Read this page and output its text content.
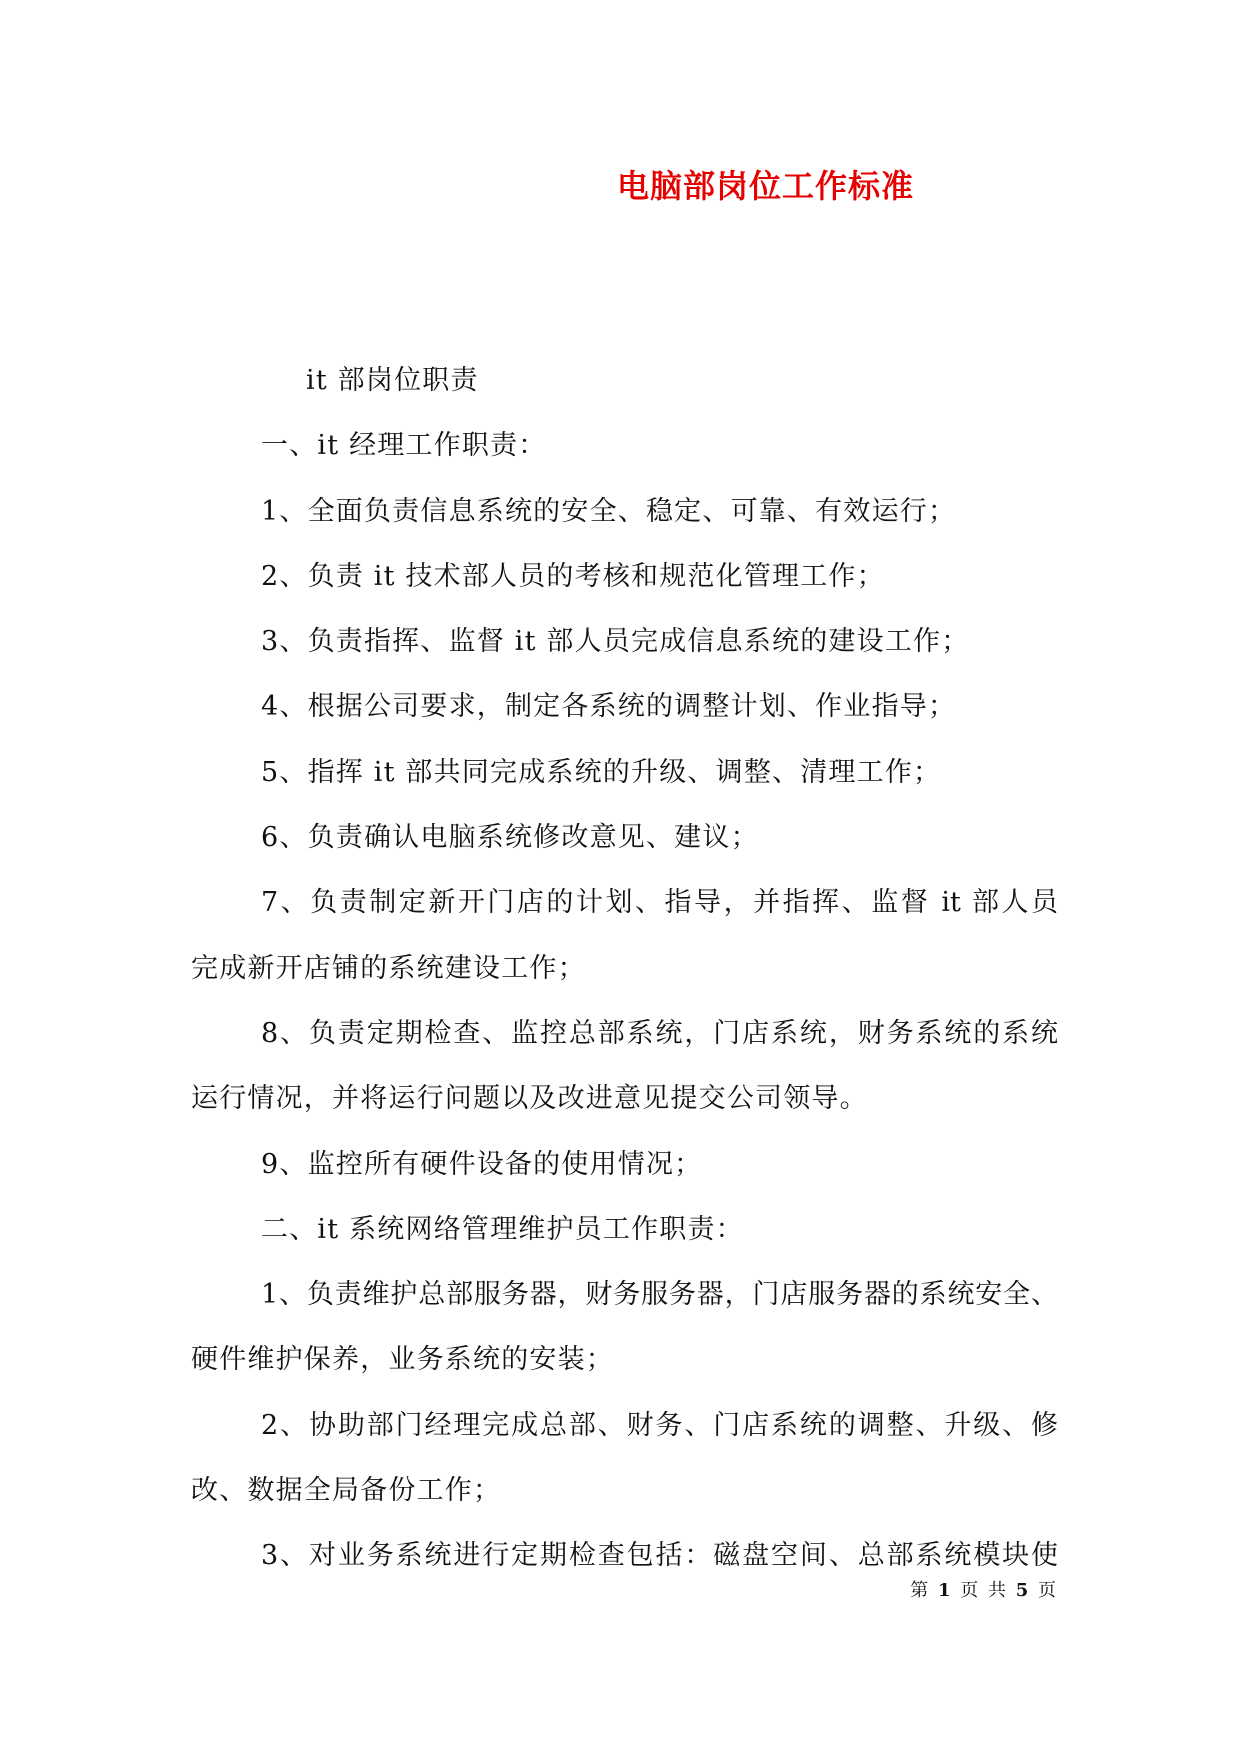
电脑部岗位工作标准
it 部岗位职责
一、it 经理工作职责：
1、全面负责信息系统的安全、稳定、可靠、有效运行；
2、负责 it 技术部人员的考核和规范化管理工作；
3、负责指挥、监督 it 部人员完成信息系统的建设工作；
4、根据公司要求，制定各系统的调整计划、作业指导；
5、指挥 it 部共同完成系统的升级、调整、清理工作；
6、负责确认电脑系统修改意见、建议；
7、负责制定新开门店的计划、指导，并指挥、监督 it 部人员
完成新开店铺的系统建设工作；
8、负责定期检查、监控总部系统，门店系统，财务系统的系统
运行情况，并将运行问题以及改进意见提交公司领导。
9、监控所有硬件设备的使用情况；
二、it 系统网络管理维护员工作职责：
1、负责维护总部服务器，财务服务器，门店服务器的系统安全、
硬件维护保养，业务系统的安装；
2、协助部门经理完成总部、财务、门店系统的调整、升级、修
改、数据全局备份工作；
3、对业务系统进行定期检查包括：磁盘空间、总部系统模块使
第 1 页 共 5 页
